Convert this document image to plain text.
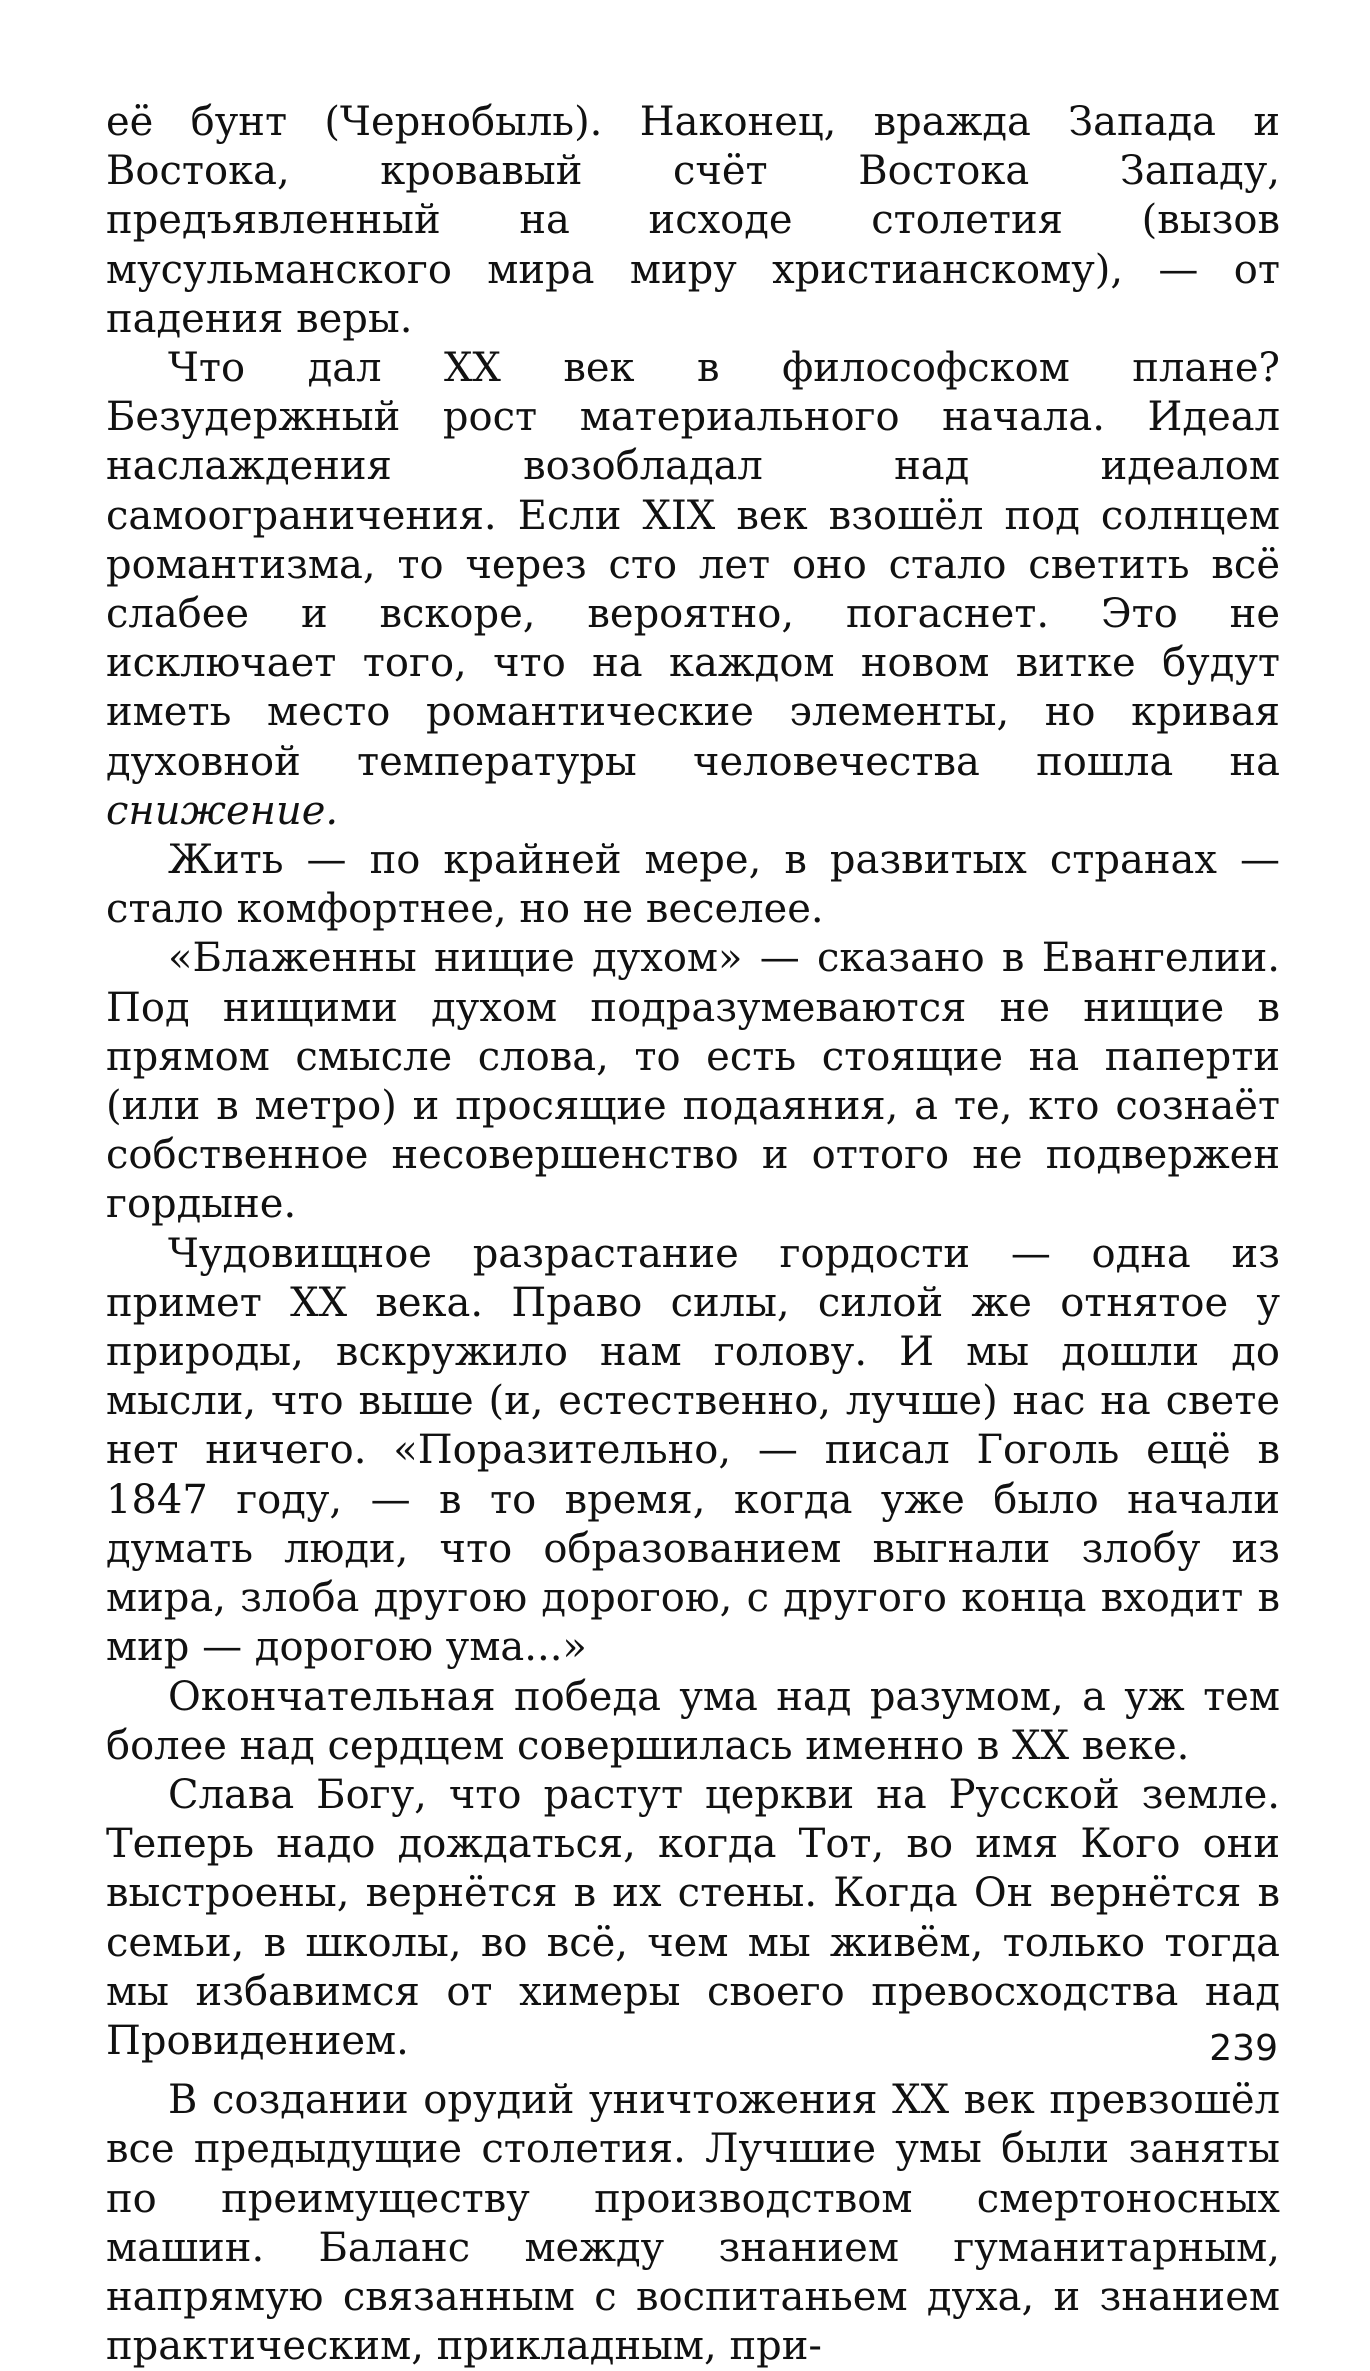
её бунт (Чернобыль). Наконец, вражда Запада и Востока, кровавый счёт Востока Западу, предъявленный на исходе столетия (вызов мусульманского мира миру христианскому), — от падения веры.

Что дал XX век в философском плане? Безудержный рост материального начала. Идеал наслаждения возобладал над идеалом самоограничения. Если XIX век взошёл под солнцем романтизма, то через сто лет оно стало светить всё слабее и вскоре, вероятно, погаснет. Это не исключает того, что на каждом новом витке будут иметь место романтические элементы, но кривая духовной температуры человечества пошла на снижение.

Жить — по крайней мере, в развитых странах — стало комфортнее, но не веселее.

«Блаженны нищие духом» — сказано в Евангелии. Под нищими духом подразумеваются не нищие в прямом смысле слова, то есть стоящие на паперти (или в метро) и просящие подаяния, а те, кто сознаёт собственное несовершенство и оттого не подвержен гордыне.

Чудовищное разрастание гордости — одна из примет XX века. Право силы, силой же отнятое у природы, вскружило нам голову. И мы дошли до мысли, что выше (и, естественно, лучше) нас на свете нет ничего. «Поразительно, — писал Гоголь ещё в 1847 году, — в то время, когда уже было начали думать люди, что образованием выгнали злобу из мира, злоба другою дорогою, с другого конца входит в мир — дорогою ума...»

Окончательная победа ума над разумом, а уж тем более над сердцем совершилась именно в XX веке.

Слава Богу, что растут церкви на Русской земле. Теперь надо дождаться, когда Тот, во имя Кого они выстроены, вернётся в их стены. Когда Он вернётся в семьи, в школы, во всё, чем мы живём, только тогда мы избавимся от химеры своего превосходства над Провидением.

В создании орудий уничтожения XX век превзошёл все предыдущие столетия. Лучшие умы были заняты по преимуществу производством смертоносных машин. Баланс между знанием гуманитарным, напрямую связанным с воспитаньем духа, и знанием практическим, прикладным, при-

239
